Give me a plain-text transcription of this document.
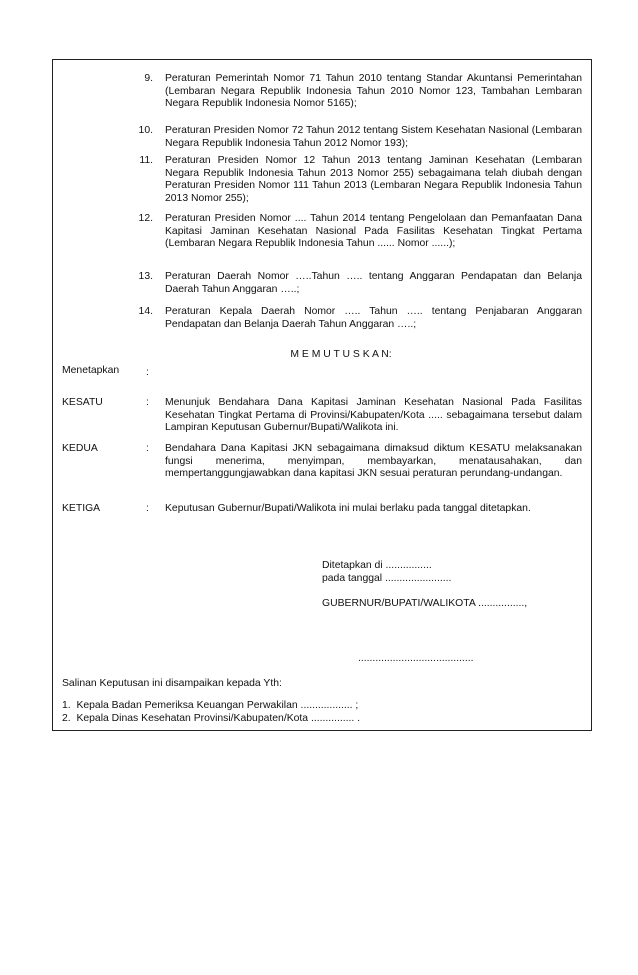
9. Peraturan Pemerintah Nomor 71 Tahun 2010 tentang Standar Akuntansi Pemerintahan (Lembaran Negara Republik Indonesia Tahun 2010 Nomor 123, Tambahan Lembaran Negara Republik Indonesia Nomor 5165);
10. Peraturan Presiden Nomor 72 Tahun 2012 tentang Sistem Kesehatan Nasional (Lembaran Negara Republik Indonesia Tahun 2012 Nomor 193);
11. Peraturan Presiden Nomor 12 Tahun 2013 tentang Jaminan Kesehatan (Lembaran Negara Republik Indonesia Tahun 2013 Nomor 255) sebagaimana telah diubah dengan Peraturan Presiden Nomor 111 Tahun 2013 (Lembaran Negara Republik Indonesia Tahun 2013 Nomor 255);
12. Peraturan Presiden Nomor .... Tahun 2014 tentang Pengelolaan dan Pemanfaatan Dana Kapitasi Jaminan Kesehatan Nasional Pada Fasilitas Kesehatan Tingkat Pertama (Lembaran Negara Republik Indonesia Tahun ...... Nomor ......);
13. Peraturan Daerah Nomor …..Tahun ….. tentang Anggaran Pendapatan dan Belanja Daerah Tahun Anggaran …..;
14. Peraturan Kepala Daerah Nomor ….. Tahun ….. tentang Penjabaran Anggaran Pendapatan dan Belanja Daerah Tahun Anggaran …..;
M E M U T U S K A N:
Menetapkan	:
KESATU	: Menunjuk Bendahara Dana Kapitasi Jaminan Kesehatan Nasional Pada Fasilitas Kesehatan Tingkat Pertama di Provinsi/Kabupaten/Kota ..... sebagaimana tersebut dalam Lampiran Keputusan Gubernur/Bupati/Walikota ini.
KEDUA	: Bendahara Dana Kapitasi JKN sebagaimana dimaksud diktum KESATU melaksanakan fungsi menerima, menyimpan, membayarkan, menatausahakan, dan mempertanggungjawabkan dana kapitasi JKN sesuai peraturan perundang-undangan.
KETIGA	: Keputusan Gubernur/Bupati/Walikota ini mulai berlaku pada tanggal ditetapkan.
Ditetapkan di ................
pada tanggal .......................
GUBERNUR/BUPATI/WALIKOTA ................,
........................................
Salinan Keputusan ini disampaikan kepada Yth:
1.  Kepala Badan Pemeriksa Keuangan Perwakilan .................. ;
2.  Kepala Dinas Kesehatan Provinsi/Kabupaten/Kota ............... .
